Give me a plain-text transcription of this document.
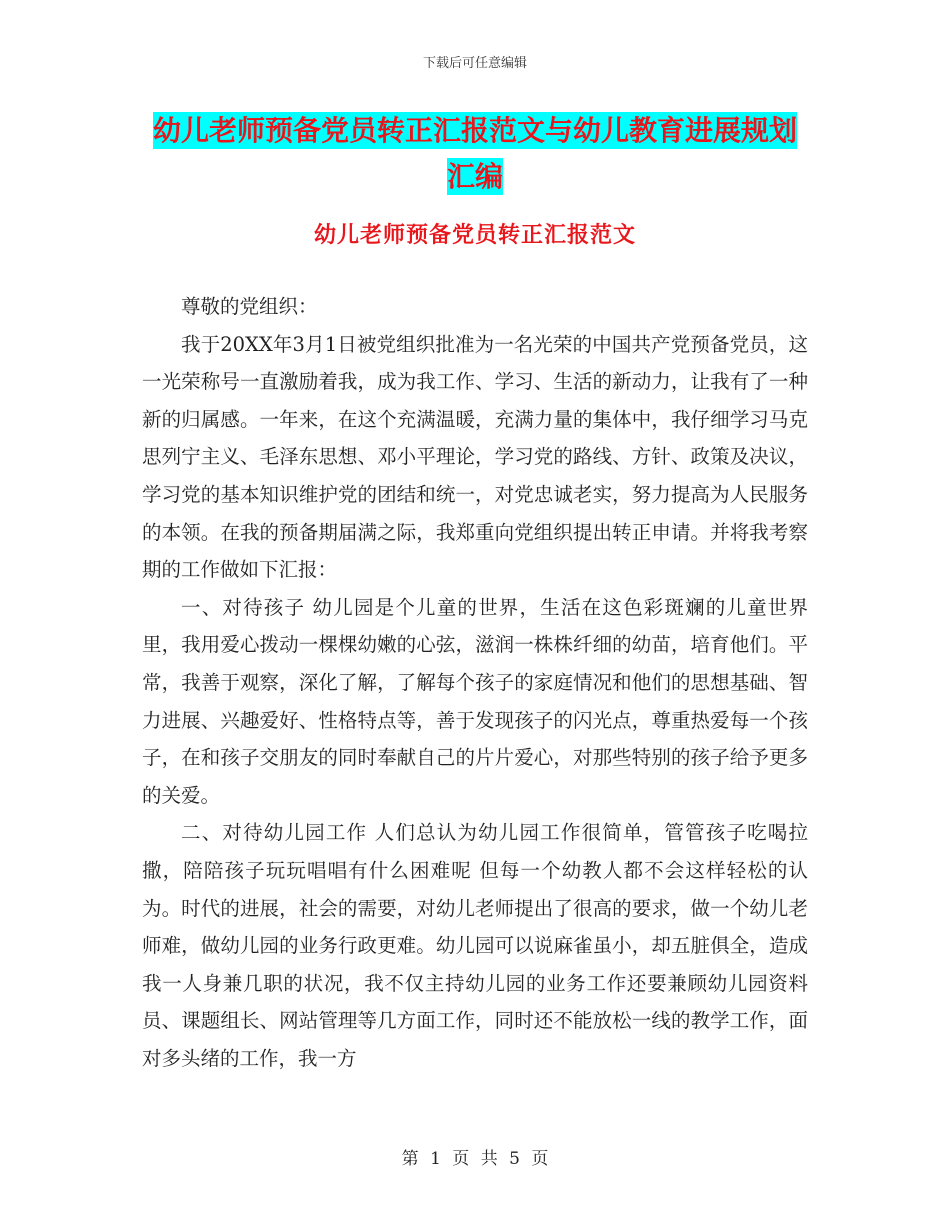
下载后可任意编辑
幼儿老师预备党员转正汇报范文与幼儿教育进展规划
汇编
幼儿老师预备党员转正汇报范文

尊敬的党组织：

我于20XX年3月1日被党组织批准为一名光荣的中国共产党预备党员，这一光荣称号一直激励着我，成为我工作、学习、生活的新动力，让我有了一种新的归属感。一年来，在这个充满温暖，充满力量的集体中，我仔细学习马克思列宁主义、毛泽东思想、邓小平理论，学习党的路线、方针、政策及决议，学习党的基本知识维护党的团结和统一，对党忠诚老实，努力提高为人民服务的本领。在我的预备期届满之际，我郑重向党组织提出转正申请。并将我考察期的工作做如下汇报：

一、对待孩子 幼儿园是个儿童的世界，生活在这色彩斑斓的儿童世界里，我用爱心拨动一棵棵幼嫩的心弦，滋润一株株纤细的幼苗，培育他们。平常，我善于观察，深化了解，了解每个孩子的家庭情况和他们的思想基础、智力进展、兴趣爱好、性格特点等，善于发现孩子的闪光点，尊重热爱每一个孩子，在和孩子交朋友的同时奉献自己的片片爱心，对那些特别的孩子给予更多的关爱。

二、对待幼儿园工作 人们总认为幼儿园工作很简单，管管孩子吃喝拉撒，陪陪孩子玩玩唱唱有什么困难呢 但每一个幼教人都不会这样轻松的认为。时代的进展，社会的需要，对幼儿老师提出了很高的要求，做一个幼儿老师难，做幼儿园的业务行政更难。幼儿园可以说麻雀虽小，却五脏俱全，造成我一人身兼几职的状况，我不仅主持幼儿园的业务工作还要兼顾幼儿园资料员、课题组长、网站管理等几方面工作，同时还不能放松一线的教学工作，面对多头绪的工作，我一方

第 1 页 共 5 页
